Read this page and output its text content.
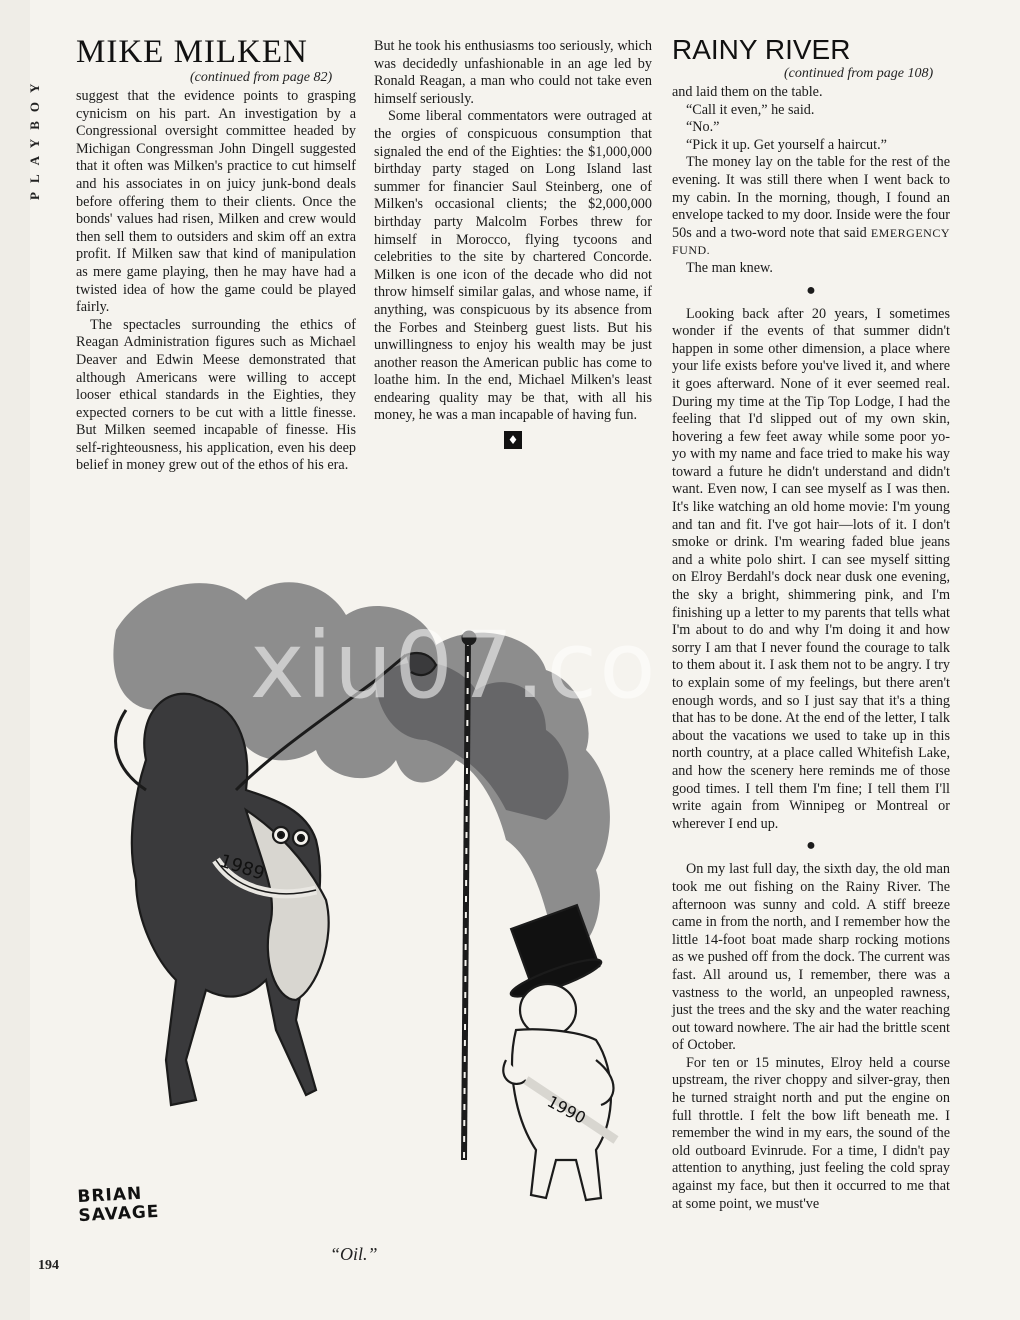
PLAYBOY
MIKE MILKEN
(continued from page 82)

suggest that the evidence points to grasping cynicism on his part. An investigation by a Congressional oversight committee headed by Michigan Congressman John Dingell suggested that it often was Milken's practice to cut himself and his associates in on juicy junk-bond deals before offering them to their clients. Once the bonds' values had risen, Milken and crew would then sell them to outsiders and skim off an extra profit. If Milken saw that kind of manipulation as mere game playing, then he may have had a twisted idea of how the game could be played fairly.

The spectacles surrounding the ethics of Reagan Administration figures such as Michael Deaver and Edwin Meese demonstrated that although Americans were willing to accept looser ethical standards in the Eighties, they expected corners to be cut with a little finesse. But Milken seemed incapable of finesse. His self-righteousness, his application, even his deep belief in money grew out of the ethos of his era.

But he took his enthusiasms too seriously, which was decidedly unfashionable in an age led by Ronald Reagan, a man who could not take even himself seriously.

Some liberal commentators were outraged at the orgies of conspicuous consumption that signaled the end of the Eighties: the $1,000,000 birthday party staged on Long Island last summer for financier Saul Steinberg, one of Milken's occasional clients; the $2,000,000 birthday party Malcolm Forbes threw for himself in Morocco, flying tycoons and celebrities to the site by chartered Concorde. Milken is one icon of the decade who did not throw himself similar galas, and whose name, if anything, was conspicuous by its absence from the Forbes and Steinberg guest lists. But his unwillingness to enjoy his wealth may be just another reason the American public has come to loathe him. In the end, Michael Milken's least endearing quality may be that, with all his money, he was a man incapable of having fun.

♦
RAINY RIVER
(continued from page 108)

and laid them on the table.

“Call it even,” he said.

“No.”

“Pick it up. Get yourself a haircut.”

The money lay on the table for the rest of the evening. It was still there when I went back to my cabin. In the morning, though, I found an envelope tacked to my door. Inside were the four 50s and a two-word note that said EMERGENCY FUND.

The man knew.

●

Looking back after 20 years, I sometimes wonder if the events of that summer didn't happen in some other dimension, a place where your life exists before you've lived it, and where it goes afterward. None of it ever seemed real. During my time at the Tip Top Lodge, I had the feeling that I'd slipped out of my own skin, hovering a few feet away while some poor yo-yo with my name and face tried to make his way toward a future he didn't understand and didn't want. Even now, I can see myself as I was then. It's like watching an old home movie: I'm young and tan and fit. I've got hair—lots of it. I don't smoke or drink. I'm wearing faded blue jeans and a white polo shirt. I can see myself sitting on Elroy Berdahl's dock near dusk one evening, the sky a bright, shimmering pink, and I'm finishing up a letter to my parents that tells what I'm about to do and why I'm doing it and how sorry I am that I never found the courage to talk to them about it. I ask them not to be angry. I try to explain some of my feelings, but there aren't enough words, and so I just say that it's a thing that has to be done. At the end of the letter, I talk about the vacations we used to take up in this north country, at a place called Whitefish Lake, and how the scenery here reminds me of those good times. I tell them I'm fine; I tell them I'll write again from Winnipeg or Montreal or wherever I end up.

●

On my last full day, the sixth day, the old man took me out fishing on the Rainy River. The afternoon was sunny and cold. A stiff breeze came in from the north, and I remember how the little 14-foot boat made sharp rocking motions as we pushed off from the dock. The current was fast. All around us, I remember, there was a vastness to the world, an unpeopled rawness, just the trees and the sky and the water reaching out toward nowhere. The air had the brittle scent of October.

For ten or 15 minutes, Elroy held a course upstream, the river choppy and silver-gray, then he turned straight north and put the engine on full throttle. I felt the bow lift beneath me. I remember the wind in my ears, the sound of the old outboard Evinrude. For a time, I didn't pay attention to anything, just feeling the cold spray against my face, but then it occurred to me that at some point, we must've

1989
1990
BRIAN
SAVAGE
“Oil.”
194
xiu07.co
